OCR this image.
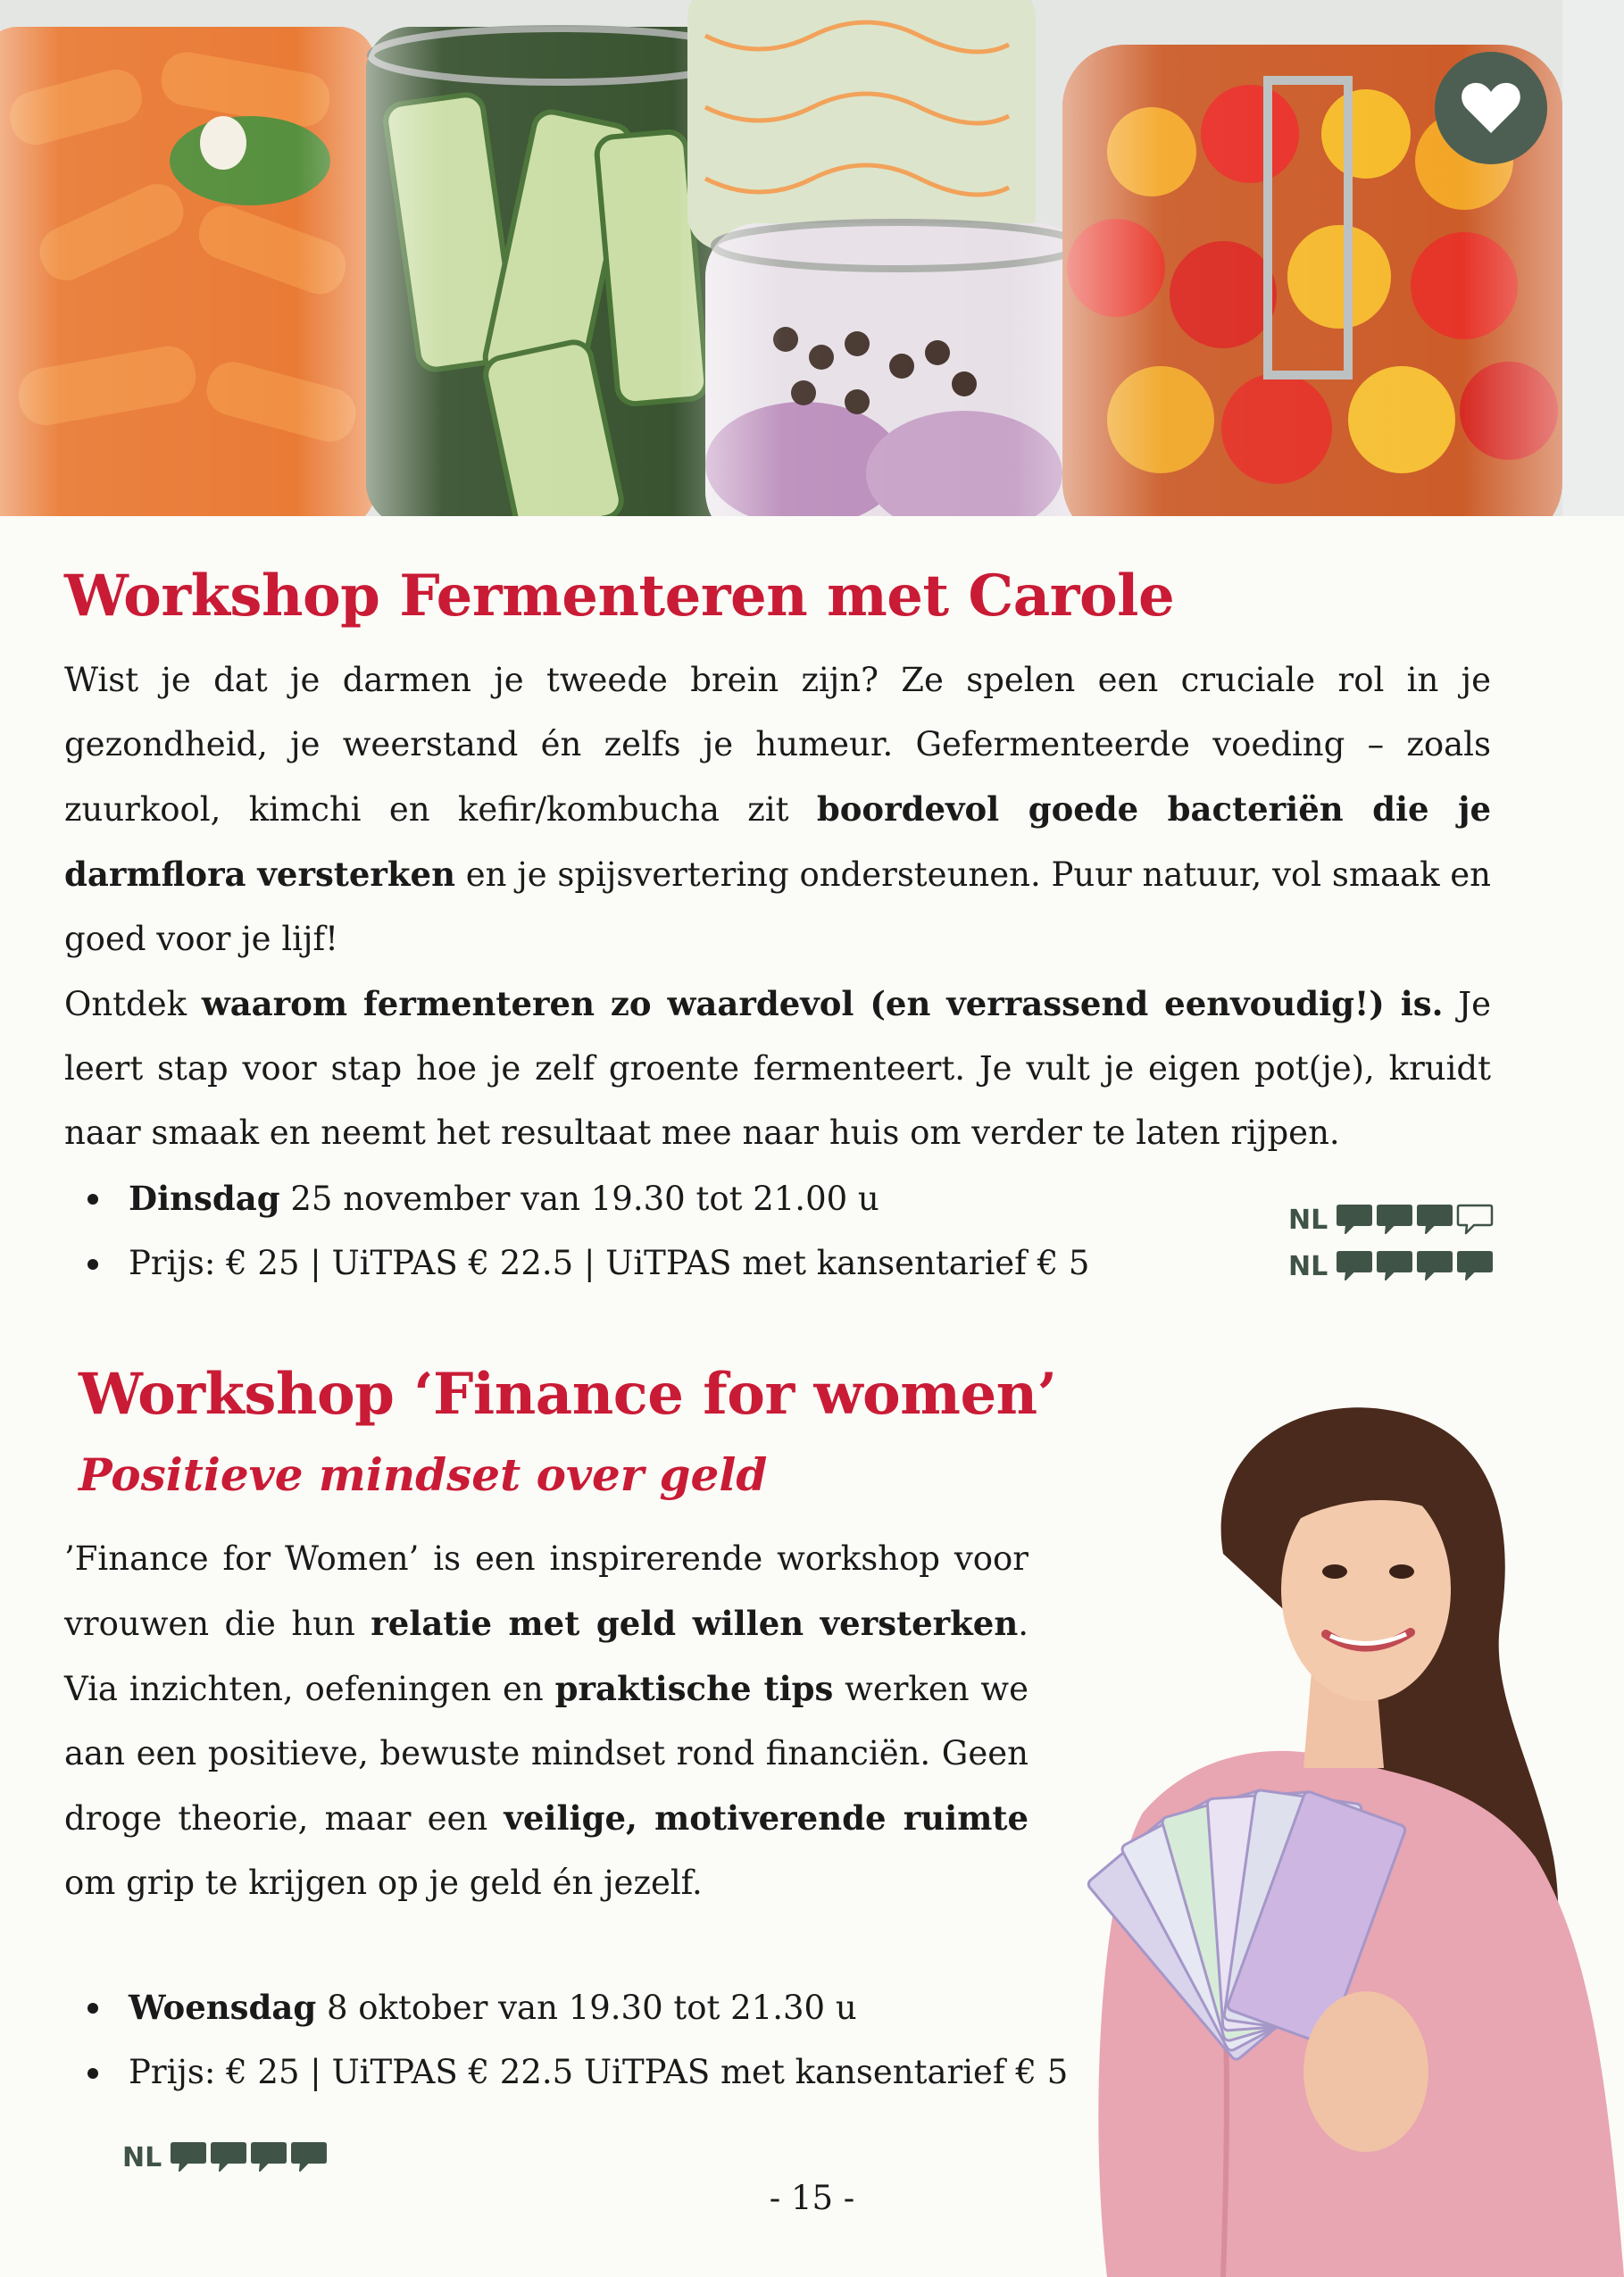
Workshop Fermenteren met Carole

Wist je dat je darmen je tweede brein zijn? Ze spelen een cruciale rol in je gezondheid, je weerstand én zelfs je humeur. Gefermenteerde voeding – zoals zuurkool, kimchi en kefir/kombucha zit boordevol goede bacteriën die je darmflora versterken en je spijsvertering ondersteunen. Puur natuur, vol smaak en goed voor je lijf!

Ontdek waarom fermenteren zo waardevol (en verrassend eenvoudig!) is. Je leert stap voor stap hoe je zelf groente fermenteert. Je vult je eigen pot(je), kruidt naar smaak en neemt het resultaat mee naar huis om verder te laten rijpen.

Dinsdag 25 november van 19.30 tot 21.00 u
Prijs: € 25 | UiTPAS € 22.5 | UiTPAS met kansentarief € 5
NL
NL
Workshop ‘Finance for women’
Positieve mindset over geld

’Finance for Women’ is een inspirerende workshop voor vrouwen die hun relatie met geld willen versterken. Via inzichten, oefeningen en praktische tips werken we aan een positieve, bewuste mindset rond financiën. Geen droge theorie, maar een veilige, motiverende ruimte om grip te krijgen op je geld én jezelf.

Woensdag 8 oktober van 19.30 tot 21.30 u
Prijs: € 25 | UiTPAS € 22.5 UiTPAS met kansentarief € 5
NL
- 15 -
